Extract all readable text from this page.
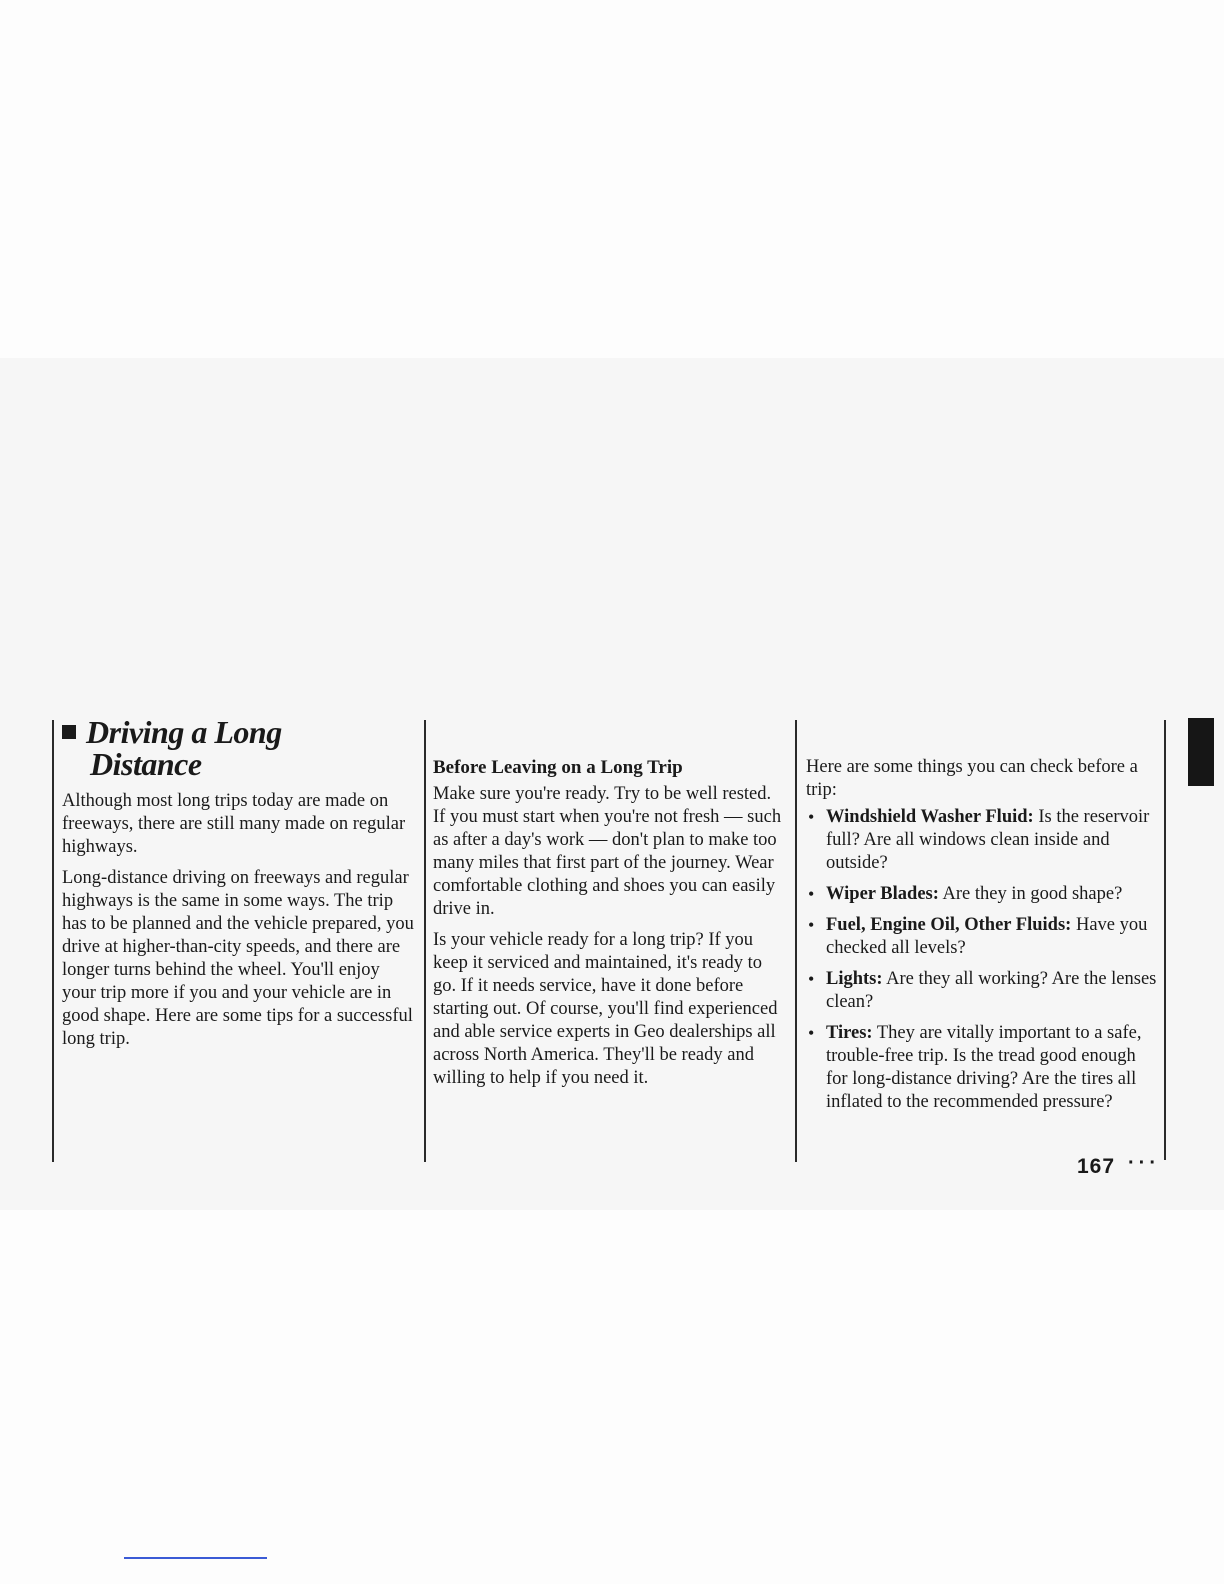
Driving a Long
Distance

Although most long trips today are made on freeways, there are still many made on regular highways.

Long-distance driving on freeways and regular highways is the same in some ways. The trip has to be planned and the vehicle prepared, you drive at higher-than-city speeds, and there are longer turns behind the wheel. You'll enjoy your trip more if you and your vehicle are in good shape. Here are some tips for a successful long trip.

Before Leaving on a Long Trip

Make sure you're ready. Try to be well rested. If you must start when you're not fresh — such as after a day's work — don't plan to make too many miles that first part of the journey. Wear comfortable clothing and shoes you can easily drive in.

Is your vehicle ready for a long trip? If you keep it serviced and maintained, it's ready to go. If it needs service, have it done before starting out. Of course, you'll find experienced and able service experts in Geo dealerships all across North America. They'll be ready and willing to help if you need it.

Here are some things you can check before a trip:

• Windshield Washer Fluid: Is the reservoir full? Are all windows clean inside and outside?
• Wiper Blades: Are they in good shape?
• Fuel, Engine Oil, Other Fluids: Have you checked all levels?
• Lights: Are they all working? Are the lenses clean?
• Tires: They are vitally important to a safe, trouble-free trip. Is the tread good enough for long-distance driving? Are the tires all inflated to the recommended pressure?
167 ···
